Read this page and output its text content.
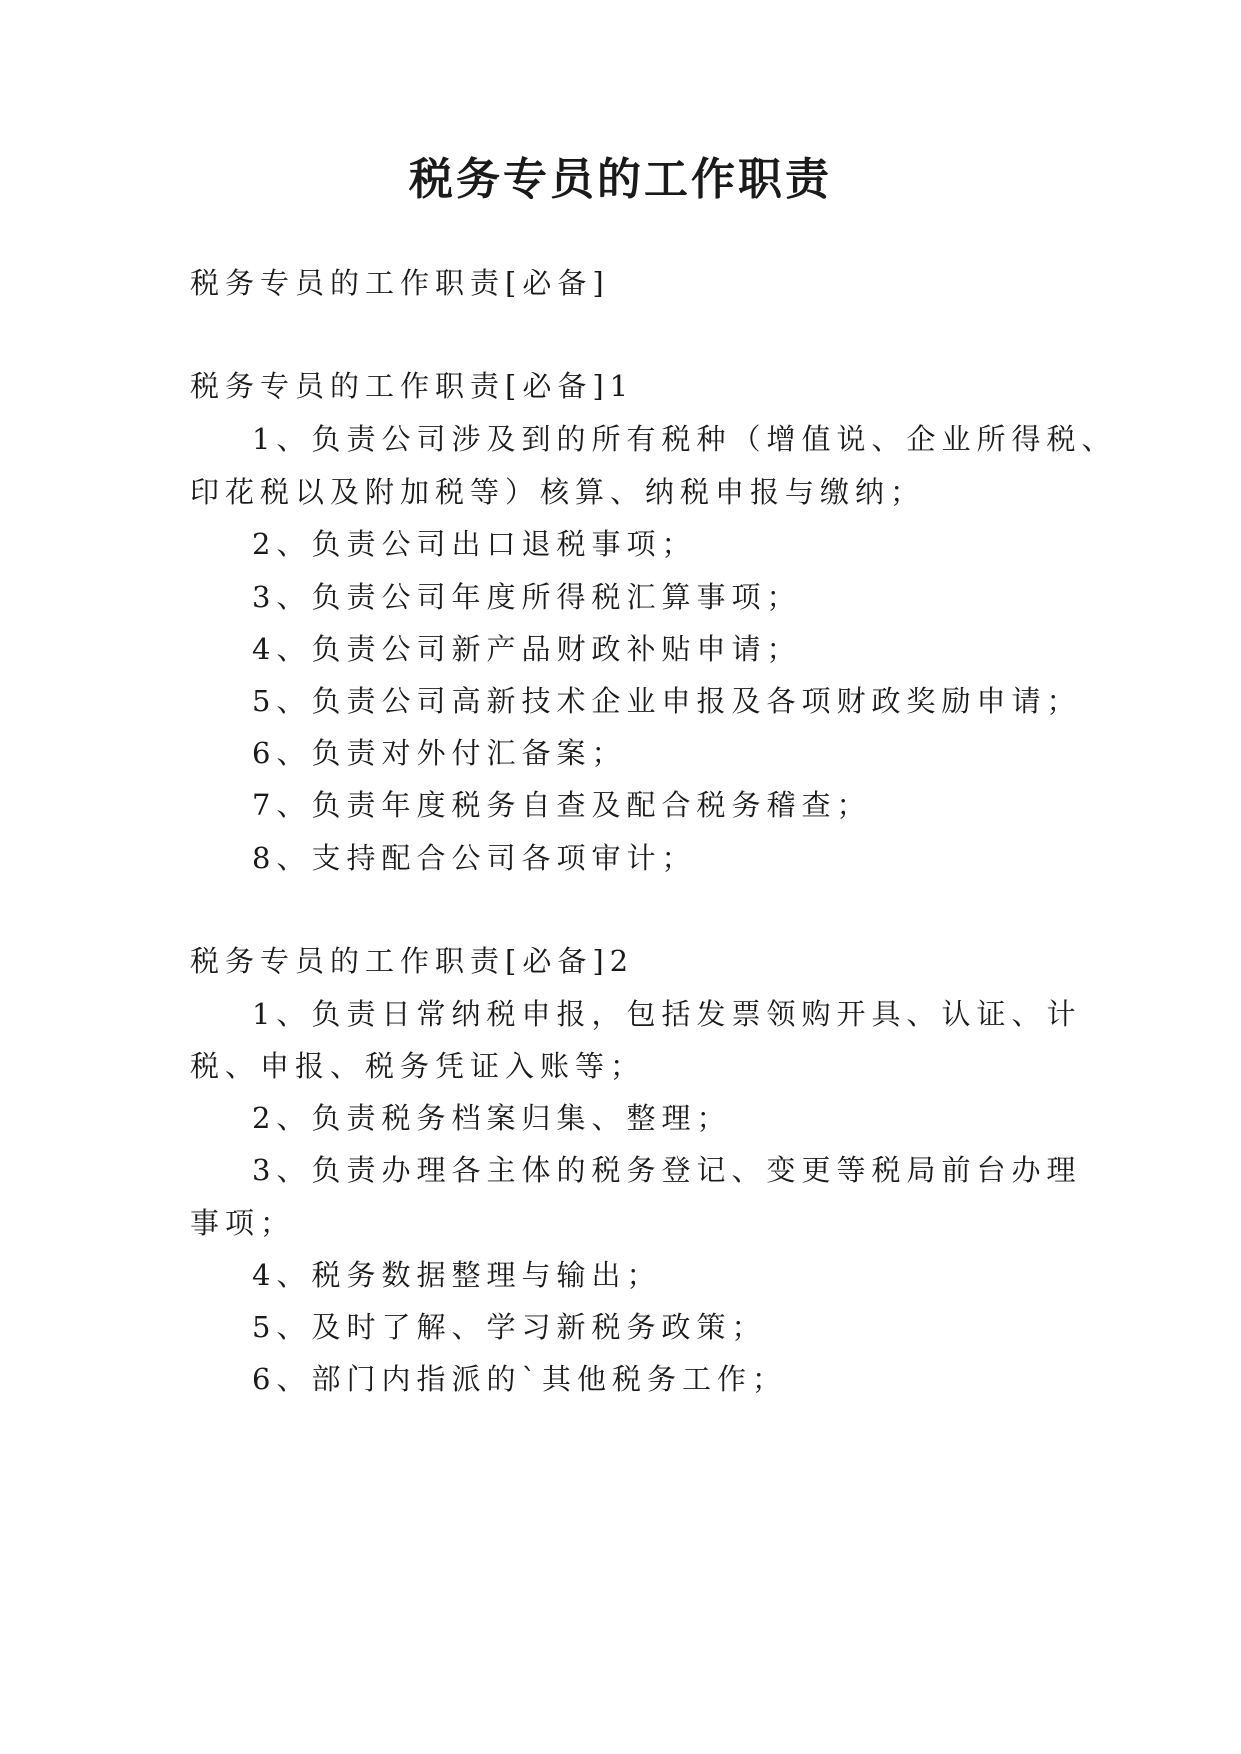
税务专员的工作职责
税务专员的工作职责[必备]
税务专员的工作职责[必备]1
1、负责公司涉及到的所有税种（增值说、企业所得税、
印花税以及附加税等）核算、纳税申报与缴纳；
2、负责公司出口退税事项；
3、负责公司年度所得税汇算事项；
4、负责公司新产品财政补贴申请；
5、负责公司高新技术企业申报及各项财政奖励申请；
6、负责对外付汇备案；
7、负责年度税务自查及配合税务稽查；
8、支持配合公司各项审计；
税务专员的工作职责[必备]2
1、负责日常纳税申报，包括发票领购开具、认证、计
税、申报、税务凭证入账等；
2、负责税务档案归集、整理；
3、负责办理各主体的税务登记、变更等税局前台办理
事项；
4、税务数据整理与输出；
5、及时了解、学习新税务政策；
6、部门内指派的`其他税务工作；
